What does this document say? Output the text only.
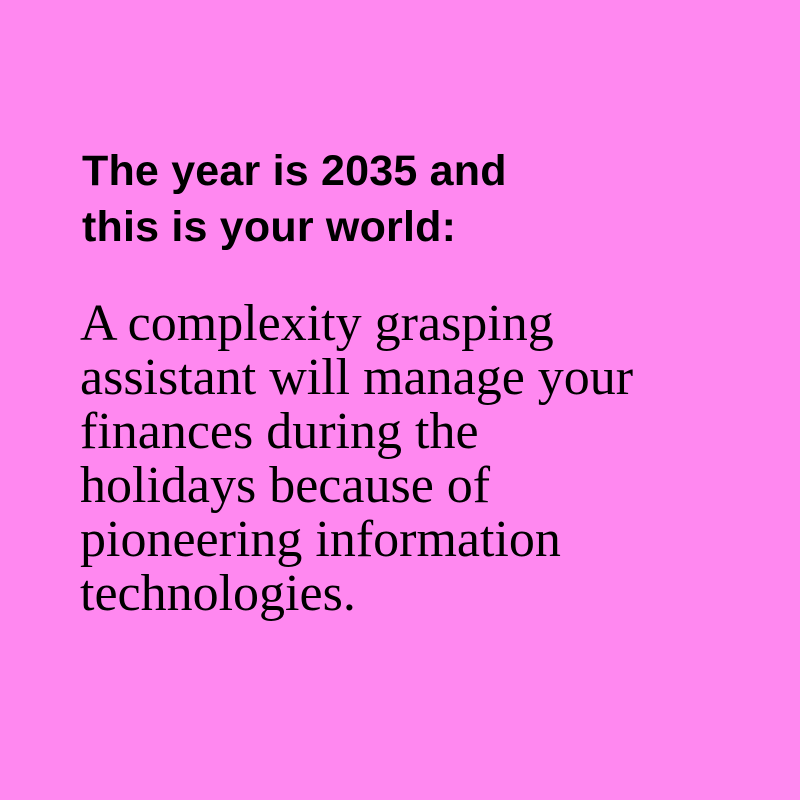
The year is 2035 and
this is your world:

A complexity grasping
assistant will manage your
finances during the
holidays because of
pioneering information
technologies.
